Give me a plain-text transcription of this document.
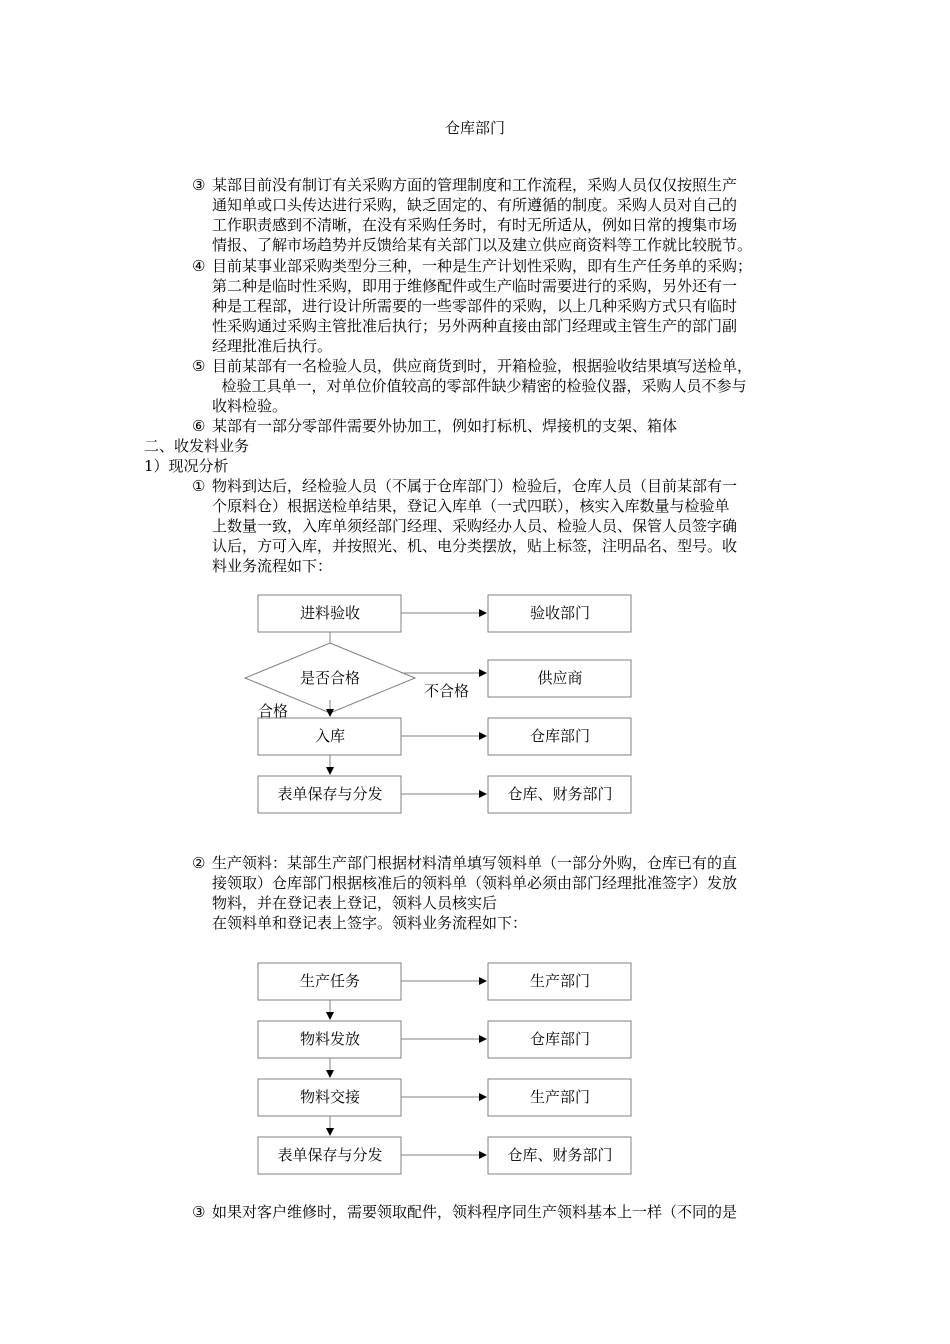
仓库部门
③ 某部目前没有制订有关采购方面的管理制度和工作流程，采购人员仅仅按照生产
通知单或口头传达进行采购，缺乏固定的、有所遵循的制度。采购人员对自己的
工作职责感到不清晰，在没有采购任务时，有时无所适从，例如日常的搜集市场
情报、了解市场趋势并反馈给某有关部门以及建立供应商资料等工作就比较脱节。
④ 目前某事业部采购类型分三种，一种是生产计划性采购，即有生产任务单的采购；
第二种是临时性采购，即用于维修配件或生产临时需要进行的采购，另外还有一
种是工程部，进行设计所需要的一些零部件的采购，以上几种采购方式只有临时
性采购通过采购主管批准后执行；另外两种直接由部门经理或主管生产的部门副
经理批准后执行。
⑤ 目前某部有一名检验人员，供应商货到时，开箱检验，根据验收结果填写送检单，
检验工具单一，对单位价值较高的零部件缺少精密的检验仪器，采购人员不参与
收料检验。
⑥ 某部有一部分零部件需要外协加工，例如打标机、焊接机的支架、箱体
二、收发料业务
1）现况分析
① 物料到达后，经检验人员（不属于仓库部门）检验后，仓库人员（目前某部有一
个原料仓）根据送检单结果，登记入库单（一式四联），核实入库数量与检验单
上数量一致，入库单须经部门经理、采购经办人员、检验人员、保管人员签字确
认后，方可入库，并按照光、机、电分类摆放，贴上标签，注明品名、型号。收
料业务流程如下：
进料验收
是否合格
入库
表单保存与分发
验收部门
供应商
仓库部门
仓库、财务部门
不合格
合格
生产任务
物料发放
物料交接
表单保存与分发
生产部门
仓库部门
生产部门
仓库、财务部门
② 生产领料：某部生产部门根据材料清单填写领料单（一部分外购，仓库已有的直
接领取）仓库部门根据核准后的领料单（领料单必须由部门经理批准签字）发放
物料，并在登记表上登记，领料人员核实后
在领料单和登记表上签字。领料业务流程如下：
③ 如果对客户维修时，需要领取配件，领料程序同生产领料基本上一样（不同的是
